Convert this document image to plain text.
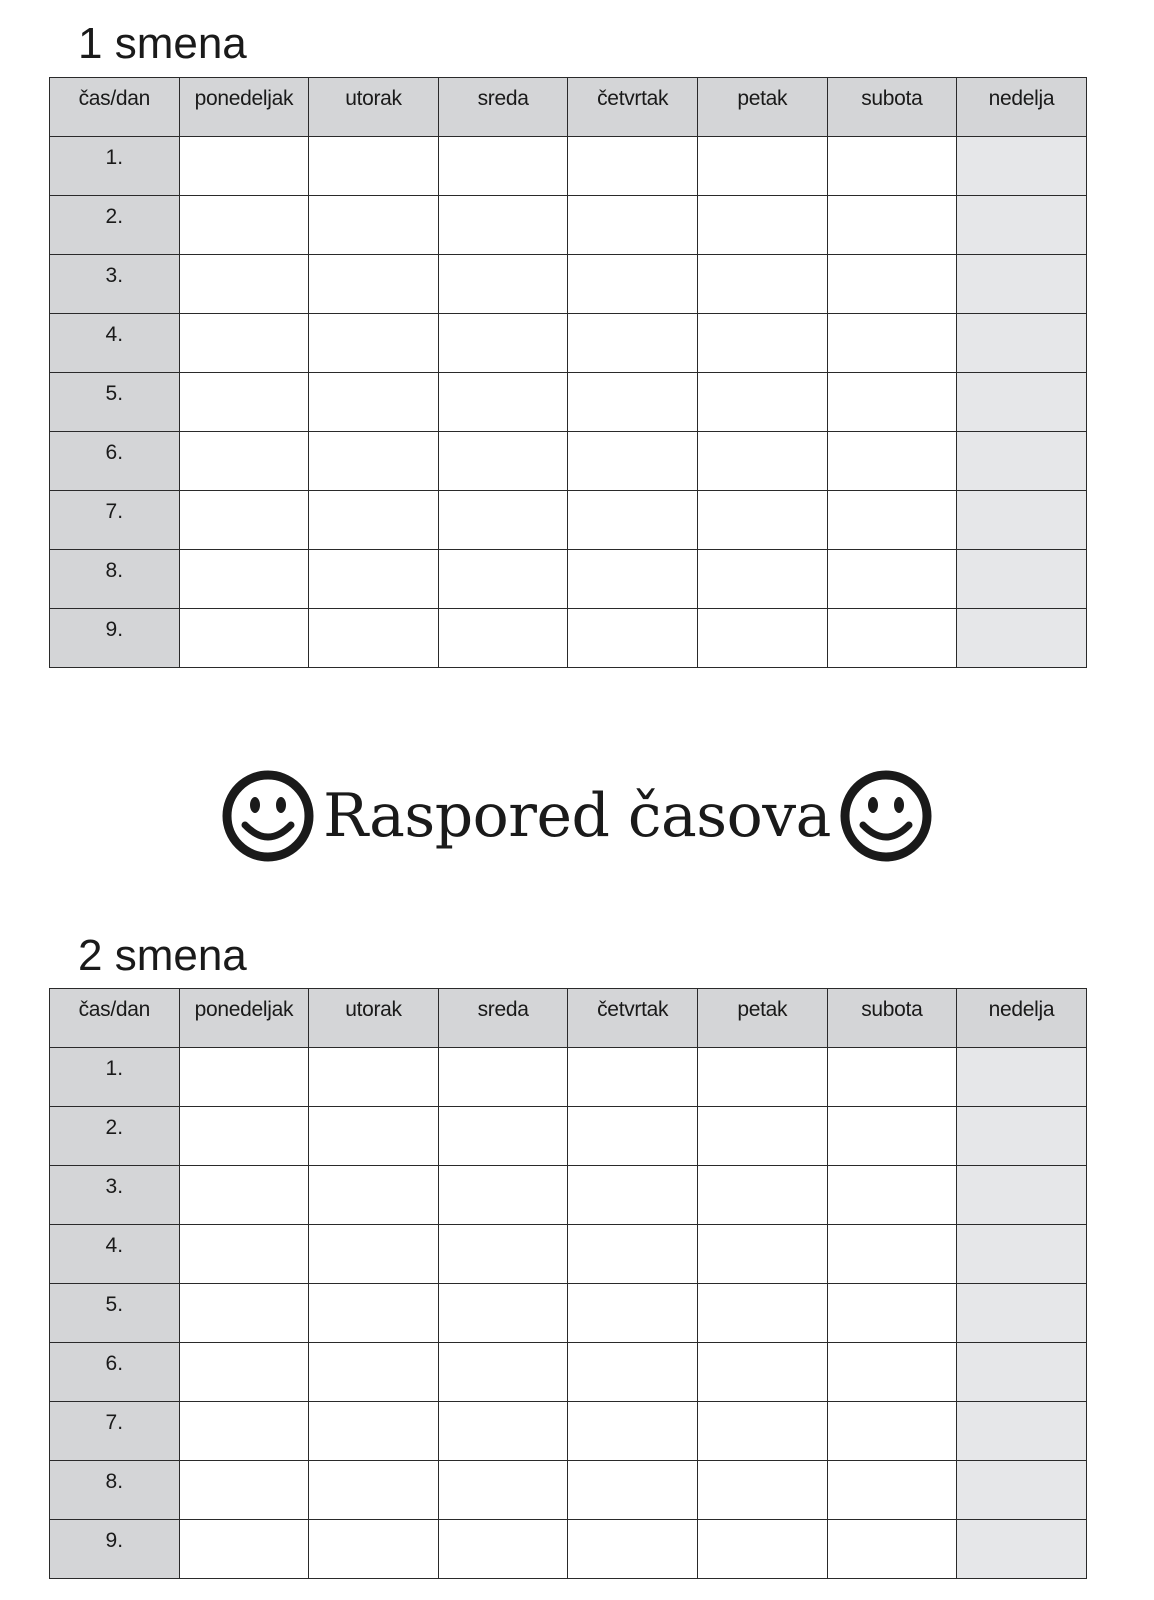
1 smena
čas/dan	ponedeljak	utorak	sreda	četvrtak	petak	subota	nedelja
1.							
2.							
3.							
4.							
5.							
6.							
7.							
8.							
9.							
Raspored časova
2 smena
čas/dan	ponedeljak	utorak	sreda	četvrtak	petak	subota	nedelja
1.							
2.							
3.							
4.							
5.							
6.							
7.							
8.							
9.							
